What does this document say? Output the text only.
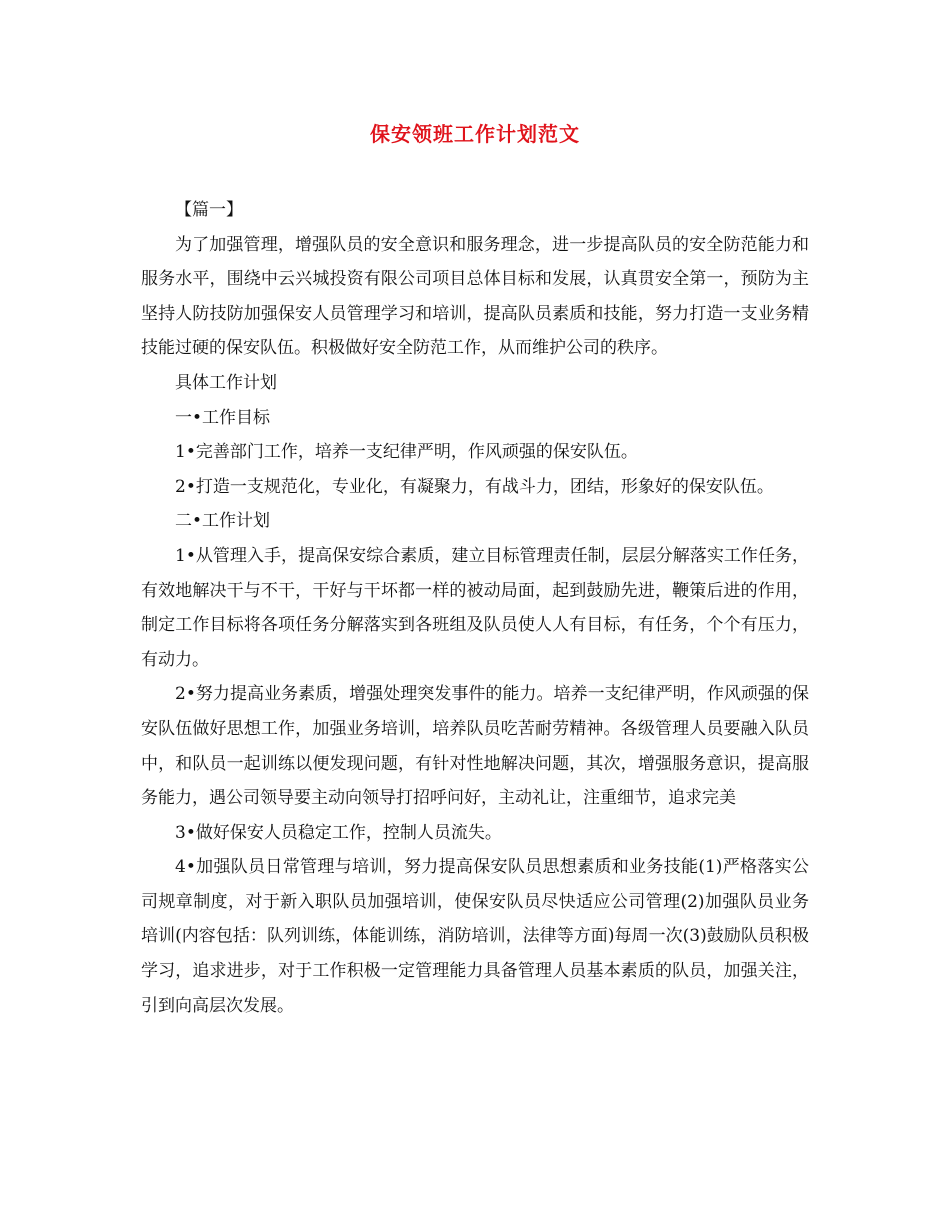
保安领班工作计划范文

【篇一】

为了加强管理，增强队员的安全意识和服务理念，进一步提高队员的安全防范能力和服务水平，围绕中云兴城投资有限公司项目总体目标和发展，认真贯安全第一，预防为主坚持人防技防加强保安人员管理学习和培训，提高队员素质和技能，努力打造一支业务精技能过硬的保安队伍。积极做好安全防范工作，从而维护公司的秩序。

具体工作计划

一•工作目标

1•完善部门工作，培养一支纪律严明，作风顽强的保安队伍。

2•打造一支规范化，专业化，有凝聚力，有战斗力，团结，形象好的保安队伍。

二•工作计划

1•从管理入手，提高保安综合素质，建立目标管理责任制，层层分解落实工作任务，有效地解决干与不干，干好与干坏都一样的被动局面，起到鼓励先进，鞭策后进的作用，制定工作目标将各项任务分解落实到各班组及队员使人人有目标，有任务，个个有压力，有动力。

2•努力提高业务素质，增强处理突发事件的能力。培养一支纪律严明，作风顽强的保安队伍做好思想工作，加强业务培训，培养队员吃苦耐劳精神。各级管理人员要融入队员中，和队员一起训练以便发现问题，有针对性地解决问题，其次，增强服务意识，提高服务能力，遇公司领导要主动向领导打招呼问好，主动礼让，注重细节，追求完美

3•做好保安人员稳定工作，控制人员流失。

4•加强队员日常管理与培训，努力提高保安队员思想素质和业务技能(1)严格落实公司规章制度，对于新入职队员加强培训，使保安队员尽快适应公司管理(2)加强队员业务培训(内容包括：队列训练，体能训练，消防培训，法律等方面)每周一次(3)鼓励队员积极学习，追求进步，对于工作积极一定管理能力具备管理人员基本素质的队员，加强关注，引到向高层次发展。
